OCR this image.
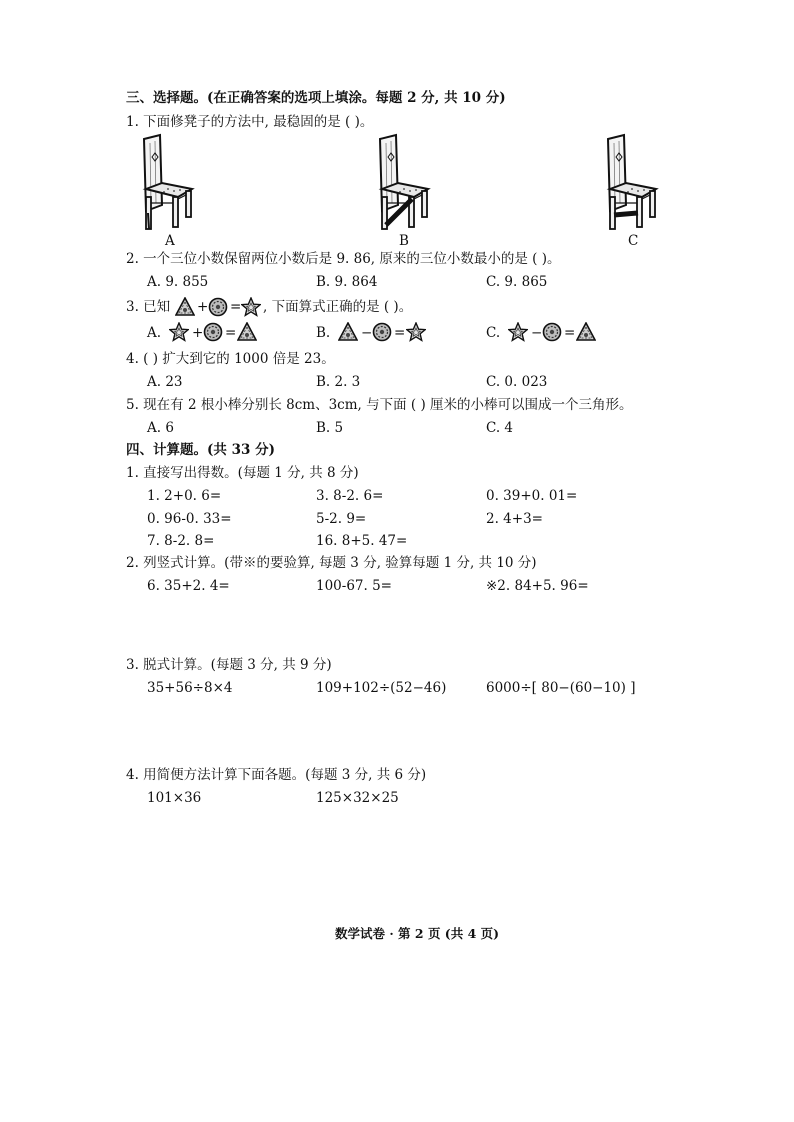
三、选择题。(在正确答案的选项上填涂。每题 2 分, 共 10 分)
1. 下面修凳子的方法中, 最稳固的是 ( )。
A	B	C
2. 一个三位小数保留两位小数后是 9. 86, 原来的三位小数最小的是 ( )。
A. 9. 855	B. 9. 864	C. 9. 865
3. 已知 + = , 下面算式正确的是 ( )。
A. + =	B. − =	C. − =
4. ( ) 扩大到它的 1000 倍是 23。
A. 23	B. 2. 3	C. 0. 023
5. 现在有 2 根小棒分别长 8cm、3cm, 与下面 ( ) 厘米的小棒可以围成一个三角形。
A. 6	B. 5	C. 4
四、计算题。(共 33 分)
1. 直接写出得数。(每题 1 分, 共 8 分)
1. 2+0. 6=	3. 8-2. 6=	0. 39+0. 01=
0. 96-0. 33=	5-2. 9=	2. 4+3=
7. 8-2. 8=	16. 8+5. 47=
2. 列竖式计算。(带※的要验算, 每题 3 分, 验算每题 1 分, 共 10 分)
6. 35+2. 4=	100-67. 5=	※2. 84+5. 96=
3. 脱式计算。(每题 3 分, 共 9 分)
35+56÷8×4	109+102÷(52−46)	6000÷[ 80−(60−10) ]
4. 用简便方法计算下面各题。(每题 3 分, 共 6 分)
101×36	125×32×25
数学试卷 · 第 2 页 (共 4 页)
